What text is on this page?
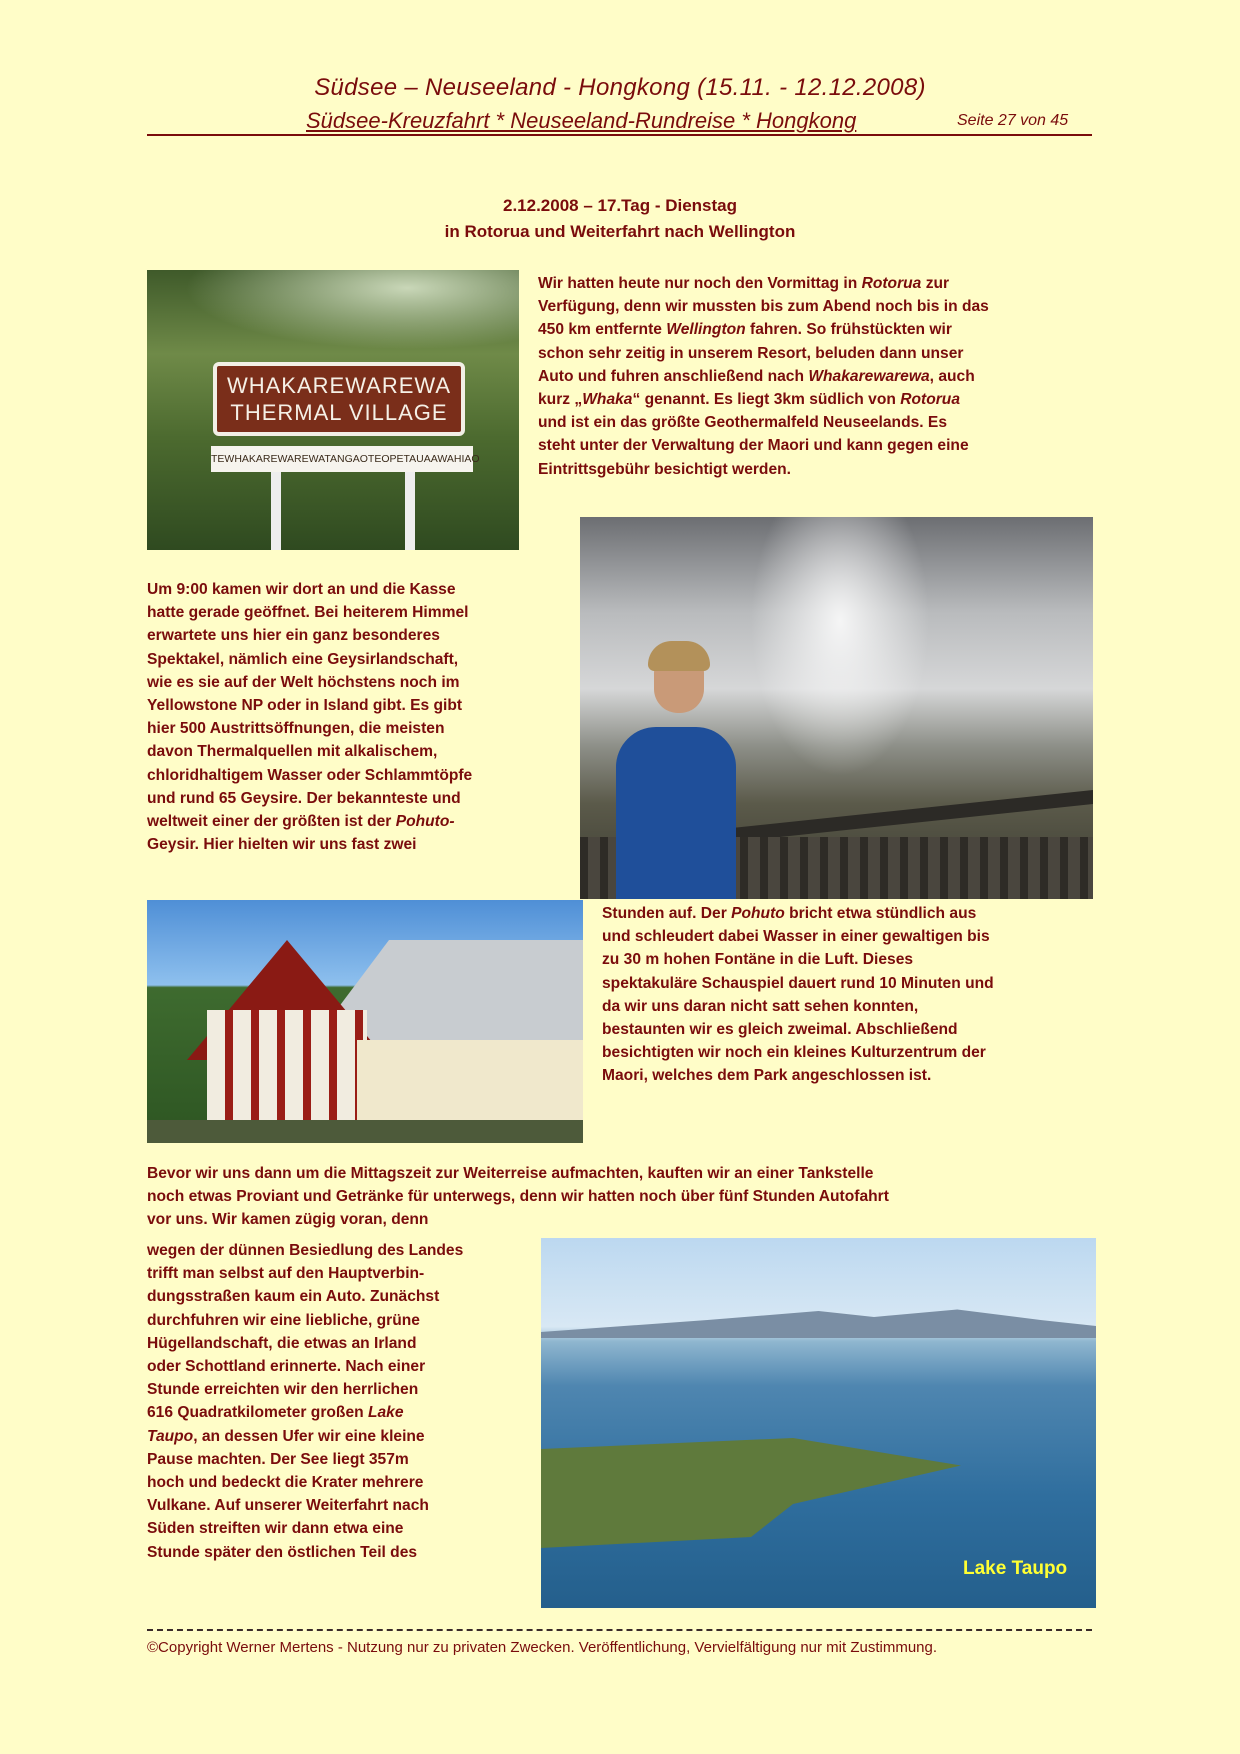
Südsee – Neuseeland - Hongkong (15.11. - 12.12.2008)
Südsee-Kreuzfahrt * Neuseeland-Rundreise * Hongkong	Seite 27 von 45
2.12.2008 – 17.Tag - Dienstag
in Rotorua und Weiterfahrt nach Wellington
WHAKAREWAREWA
THERMAL VILLAGE
TEWHAKAREWAREWATANGAOTEOPETAUAAWAHIAO
Wir hatten heute nur noch den Vormittag in Rotorua zur
Verfügung, denn wir mussten bis zum Abend noch bis in das
450 km entfernte Wellington fahren. So frühstückten wir
schon sehr zeitig in unserem Resort, beluden dann unser
Auto und fuhren anschließend nach Whakarewarewa, auch
kurz „Whaka“ genannt. Es liegt 3km südlich von Rotorua
und ist ein das größte Geothermalfeld Neuseelands. Es
steht unter der Verwaltung der Maori und kann gegen eine
Eintrittsgebühr besichtigt werden.
Um 9:00 kamen wir dort an und die Kasse
hatte gerade geöffnet. Bei heiterem Himmel
erwartete uns hier ein ganz besonderes
Spektakel, nämlich eine Geysirlandschaft,
wie es sie auf der Welt höchstens noch im
Yellowstone NP oder in Island gibt. Es gibt
hier 500 Austrittsöffnungen, die meisten
davon Thermalquellen mit alkalischem,
chloridhaltigem Wasser oder Schlammtöpfe
und rund 65 Geysire. Der bekannteste und
weltweit einer der größten ist der Pohuto-
Geysir. Hier hielten wir uns fast zwei
Stunden auf. Der Pohuto bricht etwa stündlich aus
und schleudert dabei Wasser in einer gewaltigen bis
zu 30 m hohen Fontäne in die Luft. Dieses
spektakuläre Schauspiel dauert rund 10 Minuten und
da wir uns daran nicht satt sehen konnten,
bestaunten wir es gleich zweimal. Abschließend
besichtigten wir noch ein kleines Kulturzentrum der
Maori, welches dem Park angeschlossen ist.
Bevor wir uns dann um die Mittagszeit zur Weiterreise aufmachten, kauften wir an einer Tankstelle
noch etwas Proviant und Getränke für unterwegs, denn wir hatten noch über fünf Stunden Autofahrt
vor uns. Wir kamen zügig voran, denn
Lake Taupo
wegen der dünnen Besiedlung des Landes
trifft man selbst auf den Hauptverbin-
dungsstraßen kaum ein Auto. Zunächst
durchfuhren wir eine liebliche, grüne
Hügellandschaft, die etwas an Irland
oder Schottland erinnerte. Nach einer
Stunde erreichten wir den herrlichen
616 Quadratkilometer großen Lake
Taupo, an dessen Ufer wir eine kleine
Pause machten. Der See liegt 357m
hoch und bedeckt die Krater mehrere
Vulkane. Auf unserer Weiterfahrt nach
Süden streiften wir dann etwa eine
Stunde später den östlichen Teil des
©Copyright Werner Mertens - Nutzung nur zu privaten Zwecken. Veröffentlichung, Vervielfältigung nur mit Zustimmung.
